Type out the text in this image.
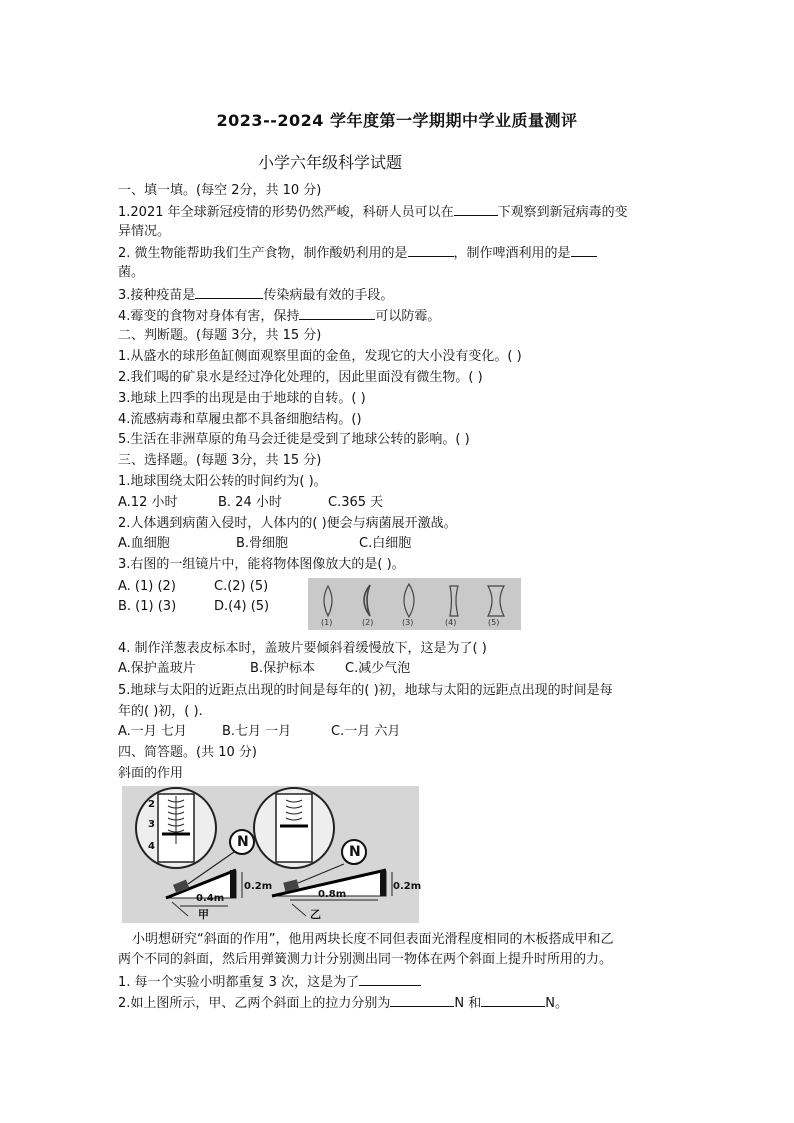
2023--2024 学年度第一学期期中学业质量测评
小学六年级科学试题
一、填一填。(每空 2分，共 10 分)
1.2021 年全球新冠疫情的形势仍然严峻，科研人员可以在	下观察到新冠病毒的变
异情况。
2. 微生物能帮助我们生产食物，制作酸奶利用的是	，制作啤酒利用的是
菌。
3.接种疫苗是	传染病最有效的手段。
4.霉变的食物对身体有害，保持	可以防霉。
二、判断题。(每题 3分，共 15 分)
1.从盛水的球形鱼缸侧面观察里面的金鱼，发现它的大小没有变化。( )
2.我们喝的矿泉水是经过净化处理的，因此里面没有微生物。( )
3.地球上四季的出现是由于地球的自转。( )
4.流感病毒和草履虫都不具备细胞结构。()
5.生活在非洲草原的角马会迁徙是受到了地球公转的影响。( )
三、选择题。(每题 3分，共 15 分)
1.地球围绕太阳公转的时间约为( )。
A.12 小时	B. 24 小时	C.365 天
2.人体遇到病菌入侵时，人体内的( )便会与病菌展开激战。
A.血细胞	B.骨细胞	C.白细胞
3.右图的一组镜片中，能将物体图像放大的是( )。
A. (1) (2)	C.(2) (5)
B. (1) (3)	D.(4) (5)
(1)	(2)	(3)	(4)	(5)
4. 制作洋葱表皮标本时，盖玻片要倾斜着缓慢放下，这是为了( )
A.保护盖玻片	B.保护标本 C.减少气泡
5.地球与太阳的近距点出现的时间是每年的( )初，地球与太阳的远距点出现的时间是每
年的( )初，( ).
A.一月 七月	B.七月 一月	C.一月 六月
四、简答题。(共 10 分)
斜面的作用
2
3
4	N
N
0.4m
0.2m
0.8m
0.2m
甲	乙
小明想研究“斜面的作用”，他用两块长度不同但表面光滑程度相同的木板搭成甲和乙
两个不同的斜面，然后用弹簧测力计分别测出同一物体在两个斜面上提升时所用的力。
1. 每一个实验小明都重复 3 次，这是为了
2.如上图所示，甲、乙两个斜面上的拉力分别为	N 和	N。
